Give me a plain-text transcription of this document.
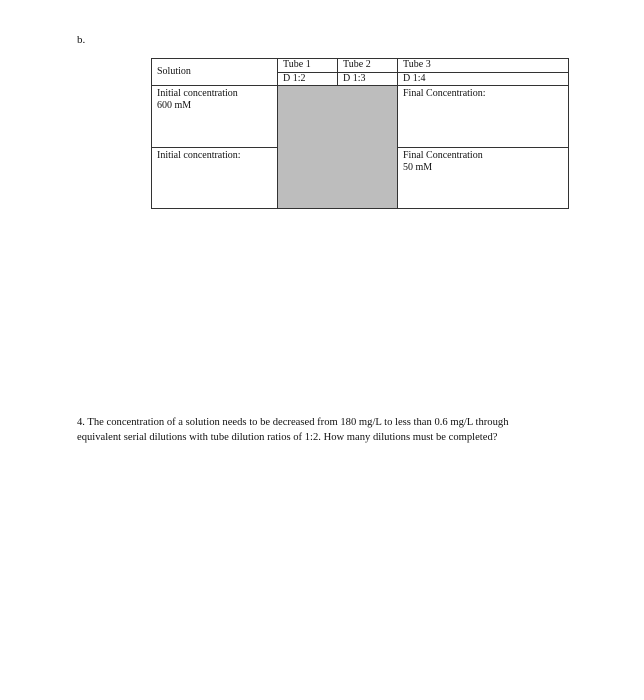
b.
Solution	Tube 1	Tube 2	Tube 3
	D 1:2	D 1:3	D 1:4

Initial concentration
600 mM			Final Concentration:

Initial concentration:			Final Concentration
50 mM
4. The concentration of a solution needs to be decreased from 180 mg/L to less than 0.6 mg/L through
equivalent serial dilutions with tube dilution ratios of 1:2. How many dilutions must be completed?
